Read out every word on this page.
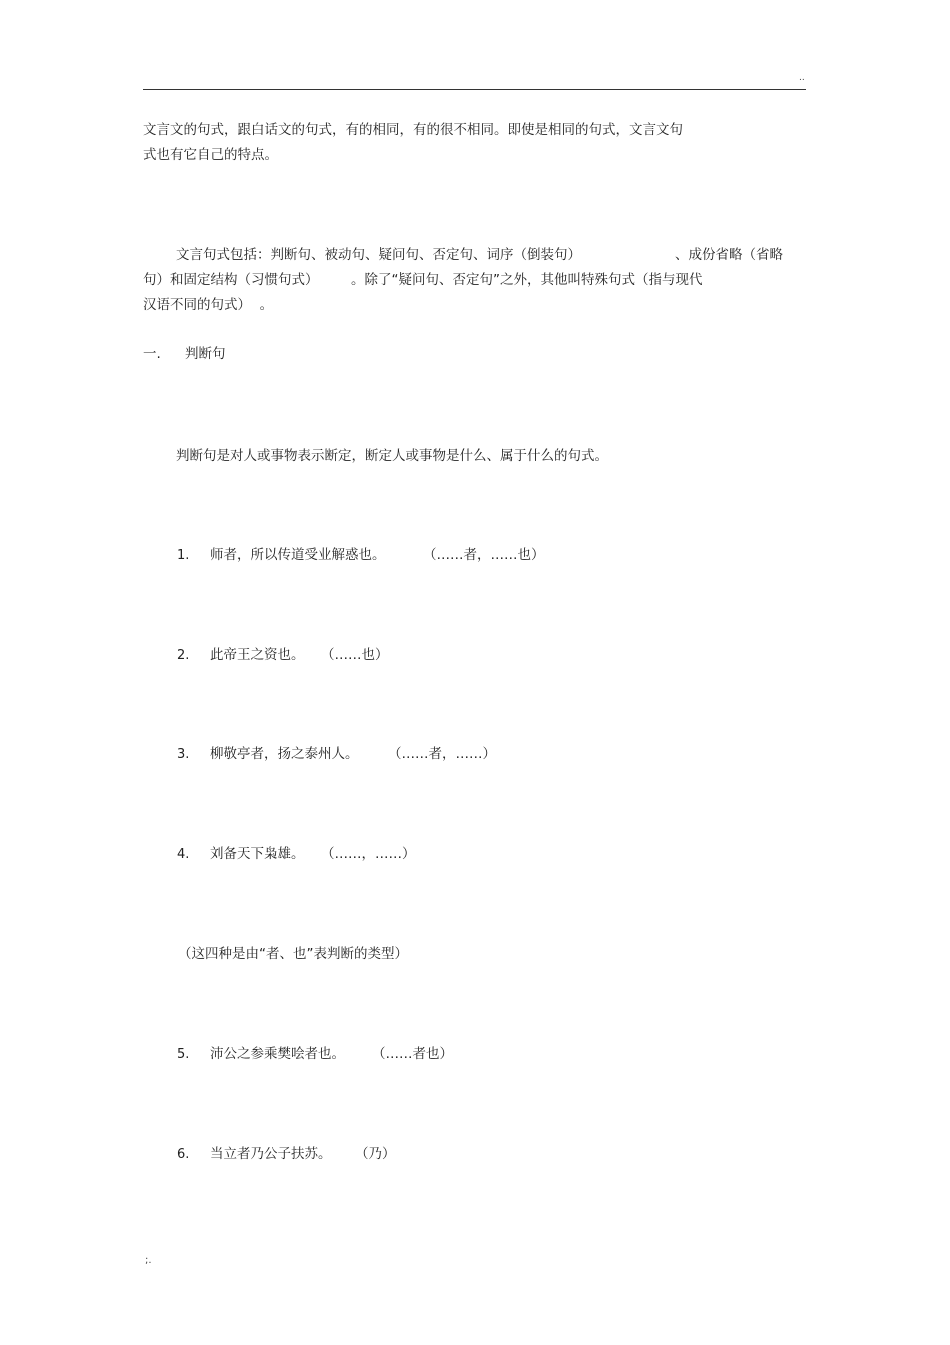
..
文言文的句式，跟白话文的句式，有的相同，有的很不相同。即使是相同的句式，文言文句
式也有它自己的特点。
文言句式包括：判断句、被动句、疑问句、否定句、词序（倒装句）	、成份省略（省略
句）和固定结构（习惯句式） 。除了“疑问句、否定句”之外，其他叫特殊句式（指与现代
汉语不同的句式）  。
一. 判断句
判断句是对人或事物表示断定，断定人或事物是什么、属于什么的句式。
1. 师者，所以传道受业解惑也。	（……者，……也）
2. 此帝王之资也。 （……也）
3. 柳敬亭者，扬之泰州人。 （……者，……）
4. 刘备天下枭雄。 （……，……）
（这四种是由“者、也”表判断的类型）
5. 沛公之参乘樊哙者也。 （……者也）
6. 当立者乃公子扶苏。 （乃）
;.
